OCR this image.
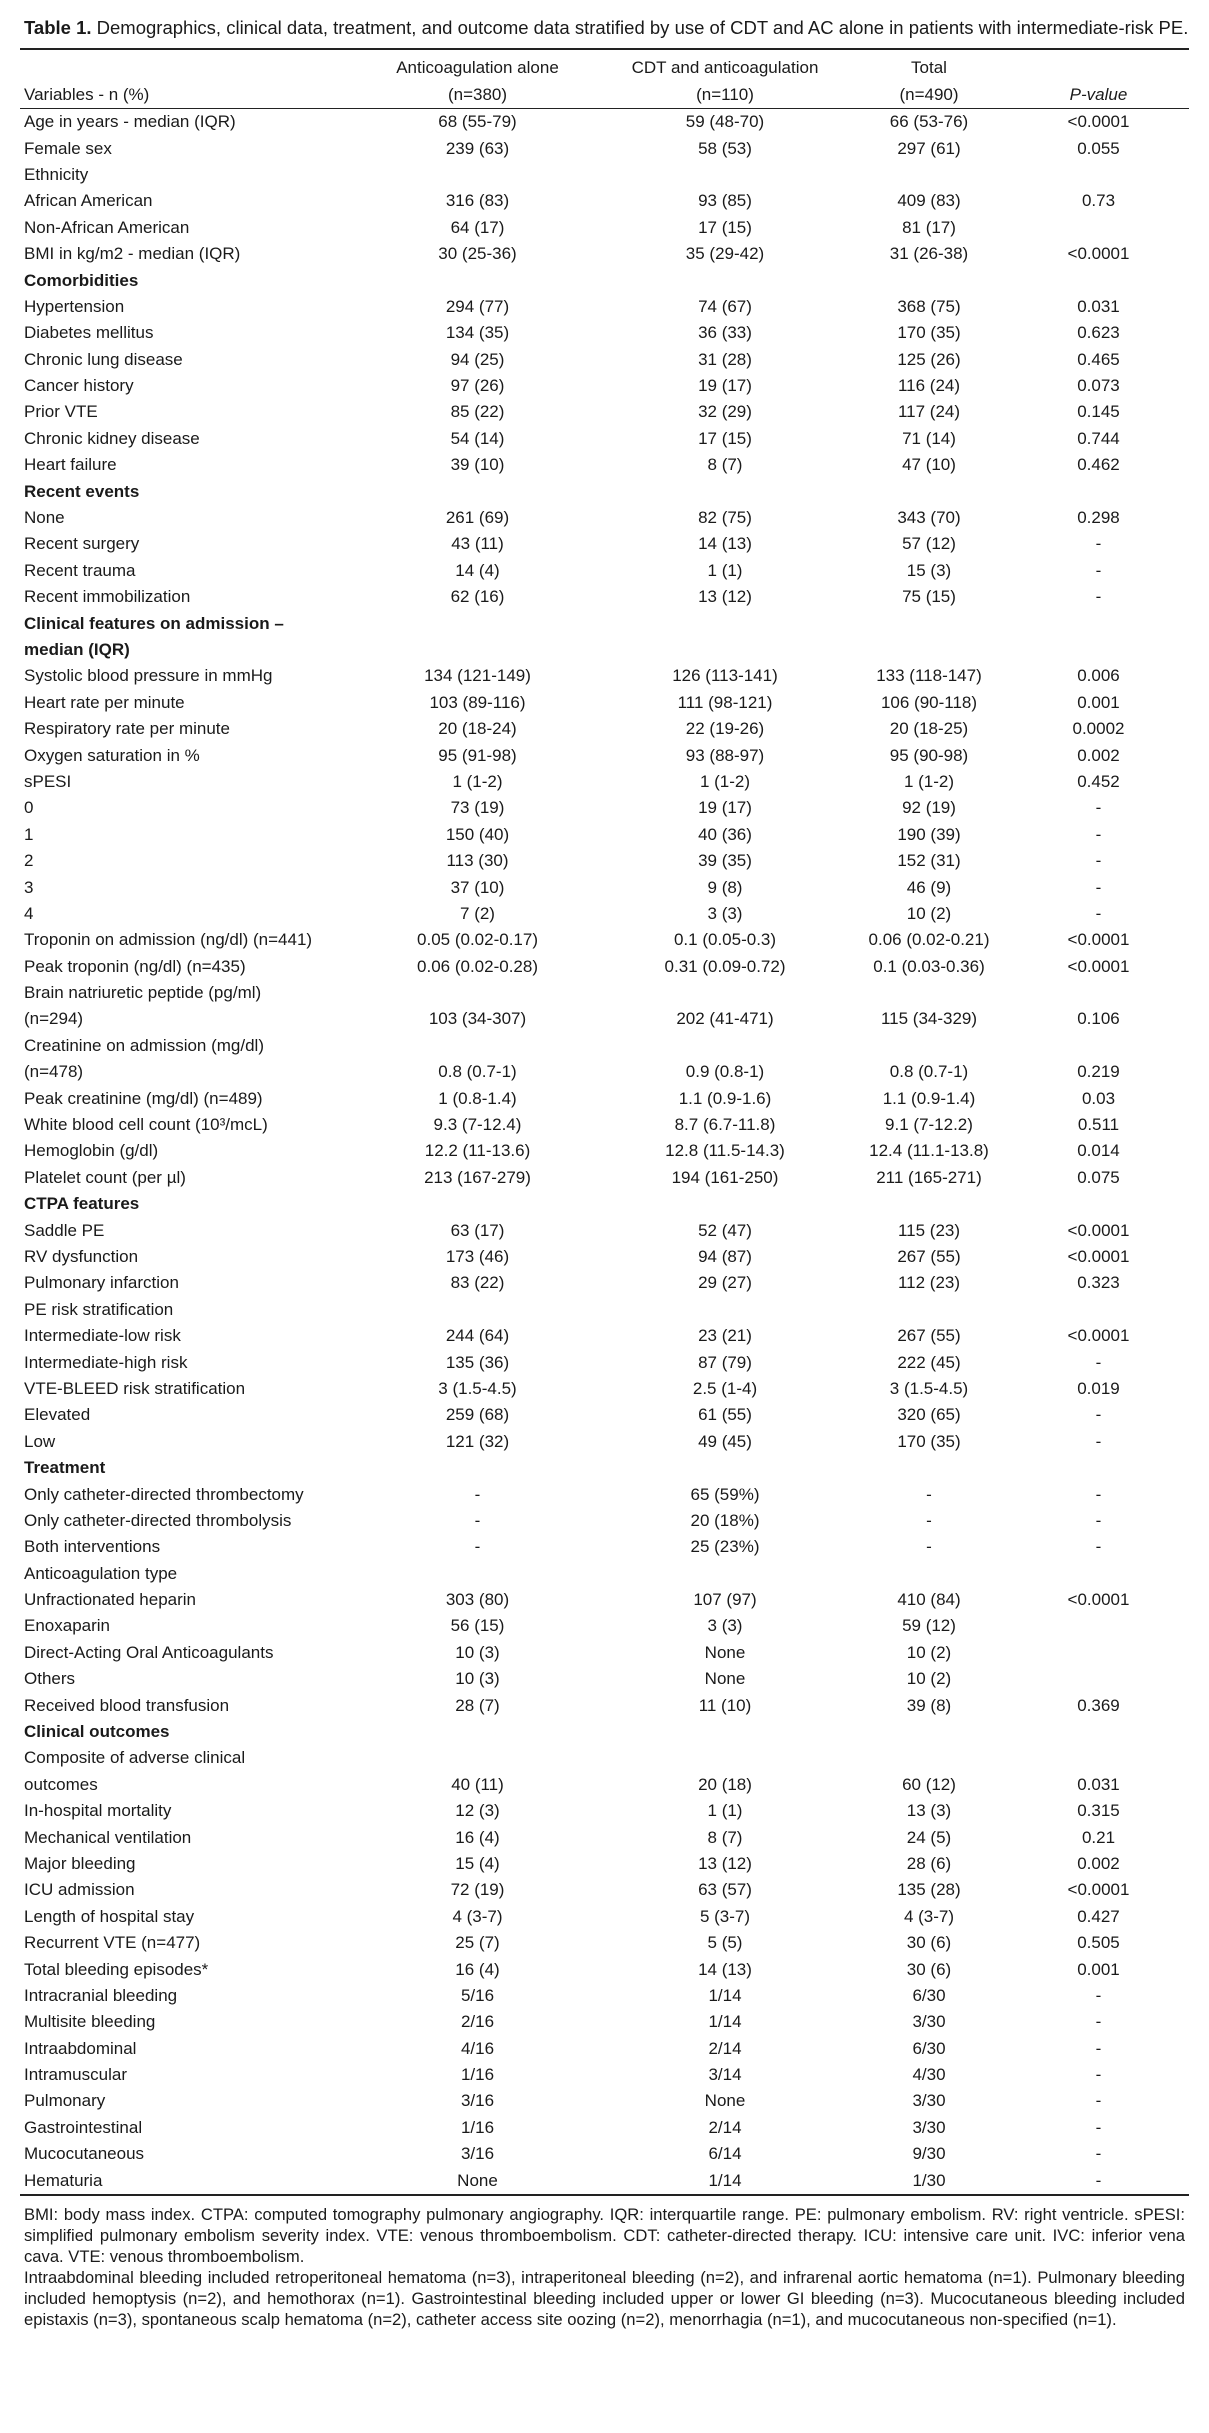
Table 1. Demographics, clinical data, treatment, and outcome data stratified by use of CDT and AC alone in patients with intermediate-risk PE.
	Anticoagulation alone	CDT and anticoagulation	Total	
Variables - n (%)	(n=380)	(n=110)	(n=490)	P-value
Age in years - median (IQR)	68 (55-79)	59 (48-70)	66 (53-76)	<0.0001
Female sex	239 (63)	58 (53)	297 (61)	0.055
Ethnicity				
African American	316 (83)	93 (85)	409 (83)	0.73
Non-African American	64 (17)	17 (15)	81 (17)	
BMI in kg/m2 - median (IQR)	30 (25-36)	35 (29-42)	31 (26-38)	<0.0001
Comorbidities				
Hypertension	294 (77)	74 (67)	368 (75)	0.031
Diabetes mellitus	134 (35)	36 (33)	170 (35)	0.623
Chronic lung disease	94 (25)	31 (28)	125 (26)	0.465
Cancer history	97 (26)	19 (17)	116 (24)	0.073
Prior VTE	85 (22)	32 (29)	117 (24)	0.145
Chronic kidney disease	54 (14)	17 (15)	71 (14)	0.744
Heart failure	39 (10)	8 (7)	47 (10)	0.462
Recent events				
None	261 (69)	82 (75)	343 (70)	0.298
Recent surgery	43 (11)	14 (13)	57 (12)	-
Recent trauma	14 (4)	1 (1)	15 (3)	-
Recent immobilization	62 (16)	13 (12)	75 (15)	-
Clinical features on admission –				
median (IQR)				
Systolic blood pressure in mmHg	134 (121-149)	126 (113-141)	133 (118-147)	0.006
Heart rate per minute	103 (89-116)	111 (98-121)	106 (90-118)	0.001
Respiratory rate per minute	20 (18-24)	22 (19-26)	20 (18-25)	0.0002
Oxygen saturation in %	95 (91-98)	93 (88-97)	95 (90-98)	0.002
sPESI	1 (1-2)	1 (1-2)	1 (1-2)	0.452
0	73 (19)	19 (17)	92 (19)	-
1	150 (40)	40 (36)	190 (39)	-
2	113 (30)	39 (35)	152 (31)	-
3	37 (10)	9 (8)	46 (9)	-
4	7 (2)	3 (3)	10 (2)	-
Troponin on admission (ng/dl) (n=441)	0.05 (0.02-0.17)	0.1 (0.05-0.3)	0.06 (0.02-0.21)	<0.0001
Peak troponin (ng/dl) (n=435)	0.06 (0.02-0.28)	0.31 (0.09-0.72)	0.1 (0.03-0.36)	<0.0001
Brain natriuretic peptide (pg/ml)				
(n=294)	103 (34-307)	202 (41-471)	115 (34-329)	0.106
Creatinine on admission (mg/dl)				
(n=478)	0.8 (0.7-1)	0.9 (0.8-1)	0.8 (0.7-1)	0.219
Peak creatinine (mg/dl) (n=489)	1 (0.8-1.4)	1.1 (0.9-1.6)	1.1 (0.9-1.4)	0.03
White blood cell count (10³/mcL)	9.3 (7-12.4)	8.7 (6.7-11.8)	9.1 (7-12.2)	0.511
Hemoglobin (g/dl)	12.2 (11-13.6)	12.8 (11.5-14.3)	12.4 (11.1-13.8)	0.014
Platelet count (per µl)	213 (167-279)	194 (161-250)	211 (165-271)	0.075
CTPA features				
Saddle PE	63 (17)	52 (47)	115 (23)	<0.0001
RV dysfunction	173 (46)	94 (87)	267 (55)	<0.0001
Pulmonary infarction	83 (22)	29 (27)	112 (23)	0.323
PE risk stratification				
Intermediate-low risk	244 (64)	23 (21)	267 (55)	<0.0001
Intermediate-high risk	135 (36)	87 (79)	222 (45)	-
VTE-BLEED risk stratification	3 (1.5-4.5)	2.5 (1-4)	3 (1.5-4.5)	0.019
Elevated	259 (68)	61 (55)	320 (65)	-
Low	121 (32)	49 (45)	170 (35)	-
Treatment				
Only catheter-directed thrombectomy	-	65 (59%)	-	-
Only catheter-directed thrombolysis	-	20 (18%)	-	-
Both interventions	-	25 (23%)	-	-
Anticoagulation type				
Unfractionated heparin	303 (80)	107 (97)	410 (84)	<0.0001
Enoxaparin	56 (15)	3 (3)	59 (12)	
Direct-Acting Oral Anticoagulants	10 (3)	None	10 (2)	
Others	10 (3)	None	10 (2)	
Received blood transfusion	28 (7)	11 (10)	39 (8)	0.369
Clinical outcomes				
Composite of adverse clinical				
outcomes	40 (11)	20 (18)	60 (12)	0.031
In-hospital mortality	12 (3)	1 (1)	13 (3)	0.315
Mechanical ventilation	16 (4)	8 (7)	24 (5)	0.21
Major bleeding	15 (4)	13 (12)	28 (6)	0.002
ICU admission	72 (19)	63 (57)	135 (28)	<0.0001
Length of hospital stay	4 (3-7)	5 (3-7)	4 (3-7)	0.427
Recurrent VTE (n=477)	25 (7)	5 (5)	30 (6)	0.505
Total bleeding episodes*	16 (4)	14 (13)	30 (6)	0.001
Intracranial bleeding	5/16	1/14	6/30	-
Multisite bleeding	2/16	1/14	3/30	-
Intraabdominal	4/16	2/14	6/30	-
Intramuscular	1/16	3/14	4/30	-
Pulmonary	3/16	None	3/30	-
Gastrointestinal	1/16	2/14	3/30	-
Mucocutaneous	3/16	6/14	9/30	-
Hematuria	None	1/14	1/30	-

BMI: body mass index. CTPA: computed tomography pulmonary angiography. IQR: interquartile range. PE: pulmonary embolism. RV: right ventricle. sPESI: simplified pulmonary embolism severity index. VTE: venous thromboembolism. CDT: catheter-directed therapy. ICU: intensive care unit. IVC: inferior vena cava. VTE: venous thromboembolism.

Intraabdominal bleeding included retroperitoneal hematoma (n=3), intraperitoneal bleeding (n=2), and infrarenal aortic hematoma (n=1). Pulmonary bleeding included hemoptysis (n=2), and hemothorax (n=1). Gastrointestinal bleeding included upper or lower GI bleeding (n=3). Mucocutaneous bleeding included epistaxis (n=3), spontaneous scalp hematoma (n=2), catheter access site oozing (n=2), menorrhagia (n=1), and mucocutaneous non-specified (n=1).
